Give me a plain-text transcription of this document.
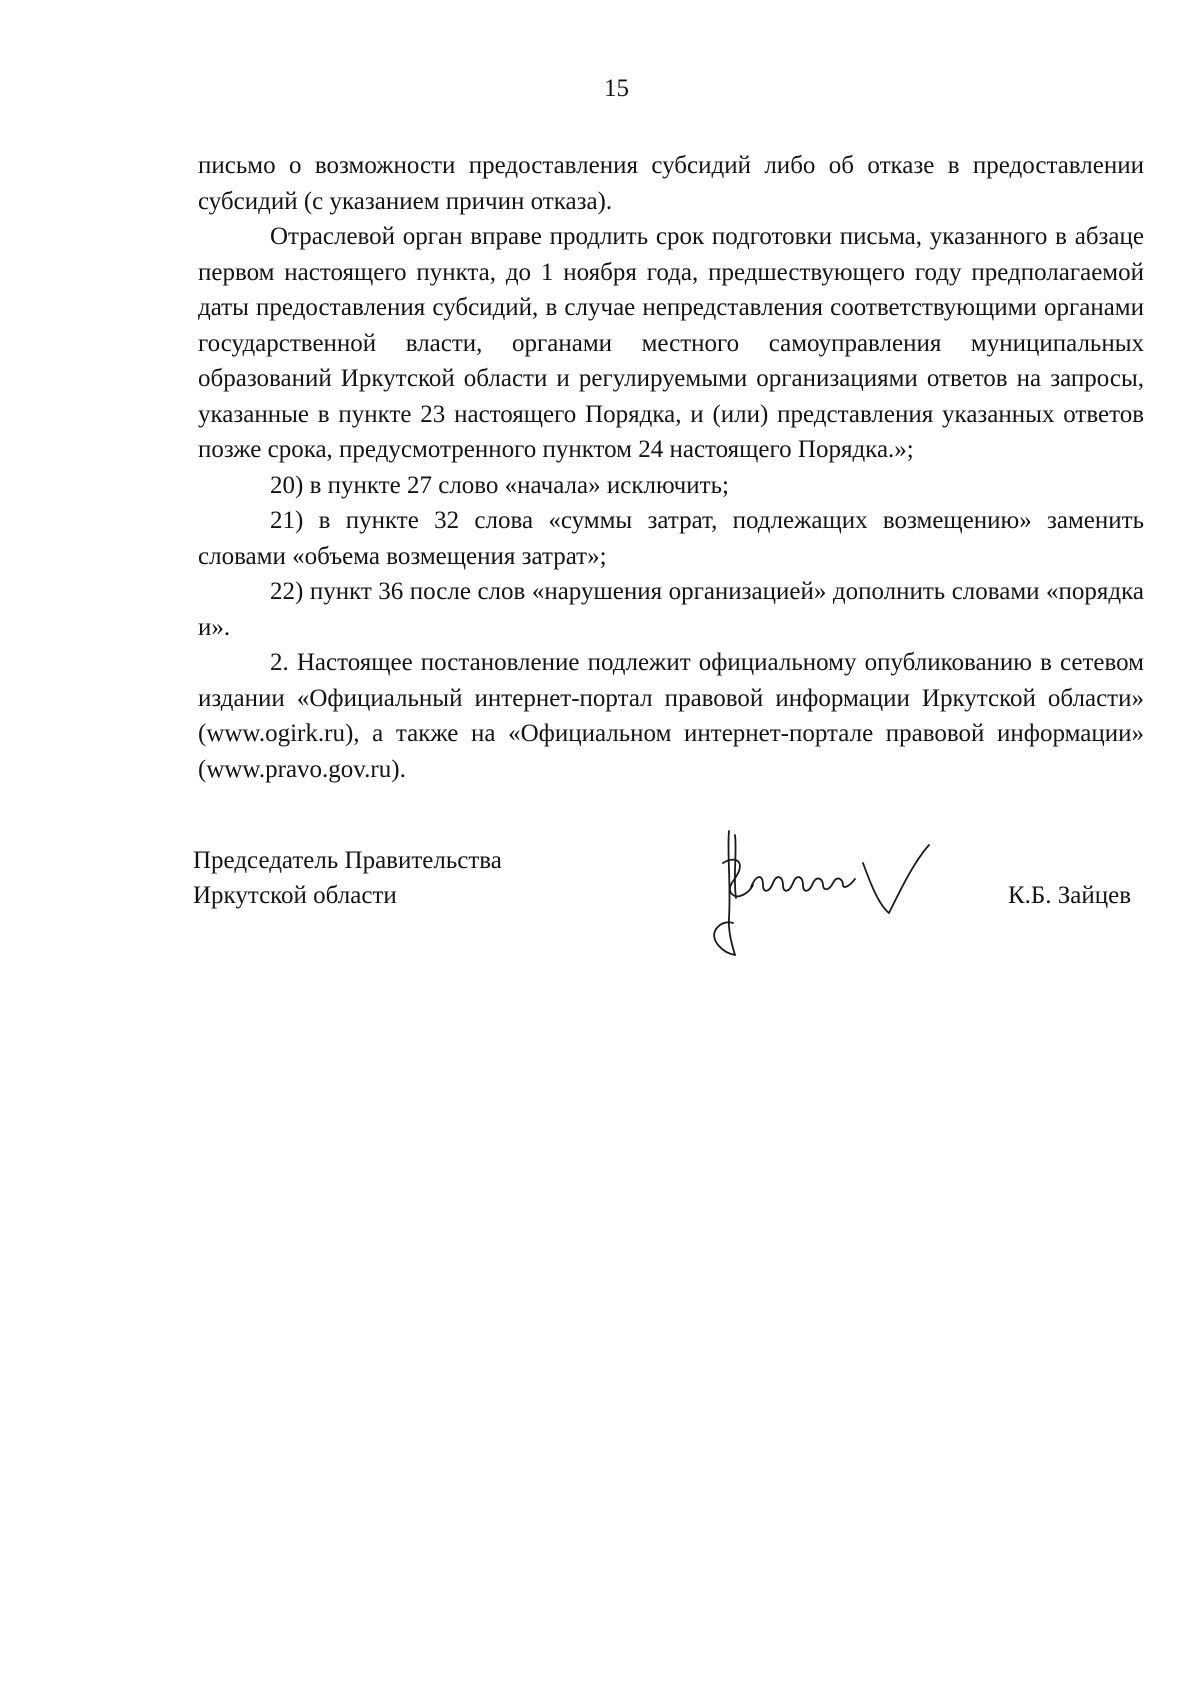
15

письмо о возможности предоставления субсидий либо об отказе в предоставлении субсидий (с указанием причин отказа).

Отраслевой орган вправе продлить срок подготовки письма, указанного в абзаце первом настоящего пункта, до 1 ноября года, предшествующего году предполагаемой даты предоставления субсидий, в случае непредставления соответствующими органами государственной власти, органами местного самоуправления муниципальных образований Иркутской области и регулируемыми организациями ответов на запросы, указанные в пункте 23 настоящего Порядка, и (или) представления указанных ответов позже срока, предусмотренного пунктом 24 настоящего Порядка.»;

20) в пункте 27 слово «начала» исключить;

21) в пункте 32 слова «суммы затрат, подлежащих возмещению» заменить словами «объема возмещения затрат»;

22) пункт 36 после слов «нарушения организацией» дополнить словами «порядка и».

2. Настоящее постановление подлежит официальному опубликованию в сетевом издании «Официальный интернет-портал правовой информации Иркутской области» (www.ogirk.ru), а также на «Официальном интернет-портале правовой информации» (www.pravo.gov.ru).

Председатель Правительства
Иркутской области	К.Б. Зайцев
